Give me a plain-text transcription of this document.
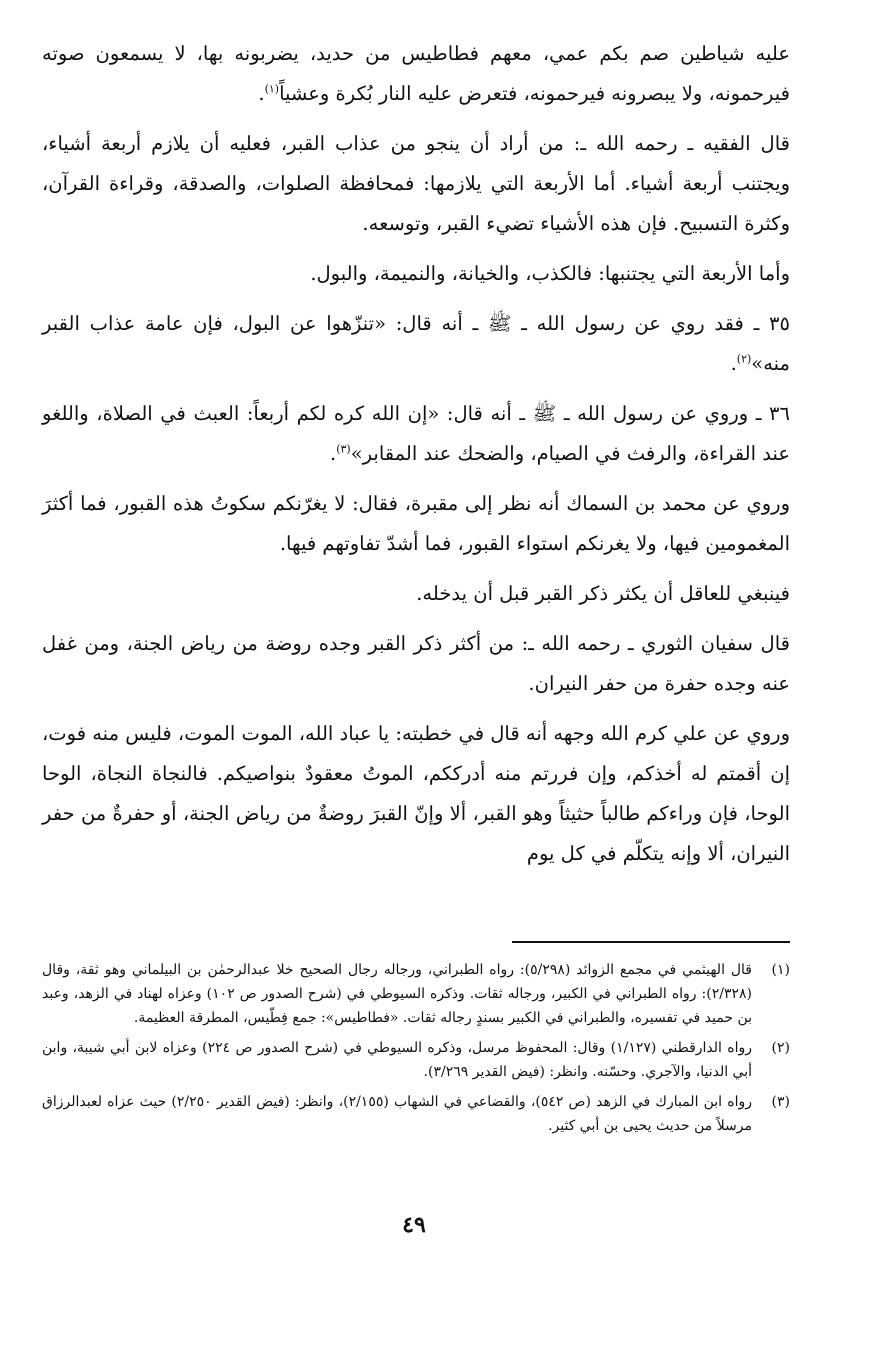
عليه شياطين صم بكم عمي، معهم فطاطيس من حديد، يضربونه بها، لا يسمعون صوته فيرحمونه، ولا يبصرونه فيرحمونه، فتعرض عليه النار بُكرة وعشياً$^{(١)}$.

قال الفقيه ـ رحمه الله ـ: من أراد أن ينجو من عذاب القبر، فعليه أن يلازم أربعة أشياء، ويجتنب أربعة أشياء. أما الأربعة التي يلازمها: فمحافظة الصلوات، والصدقة، وقراءة القرآن، وكثرة التسبيح. فإن هذه الأشياء تضيء القبر، وتوسعه.

وأما الأربعة التي يجتنبها: فالكذب، والخيانة، والنميمة، والبول.

٣٥ ـ فقد روي عن رسول الله ـ ﷺ ـ أنه قال: «تنزّهوا عن البول، فإن عامة عذاب القبر منه»$^{(٢)}$.

٣٦ ـ وروي عن رسول الله ـ ﷺ ـ أنه قال: «إن الله كره لكم أربعاً: العبث في الصلاة، واللغو عند القراءة، والرفث في الصيام، والضحك عند المقابر»$^{(٣)}$.

وروي عن محمد بن السماك أنه نظر إلى مقبرة، فقال: لا يغرّنكم سكوتُ هذه القبور، فما أكثرَ المغمومين فيها، ولا يغرنكم استواء القبور، فما أشدّ تفاوتهم فيها.

فينبغي للعاقل أن يكثر ذكر القبر قبل أن يدخله.

قال سفيان الثوري ـ رحمه الله ـ: من أكثر ذكر القبر وجده روضة من رياض الجنة، ومن غفل عنه وجده حفرة من حفر النيران.

وروي عن علي كرم الله وجهه أنه قال في خطبته: يا عباد الله، الموت الموت، فليس منه فوت، إن أقمتم له أخذكم، وإن فررتم منه أدرككم، الموتُ معقودٌ بنواصيكم. فالنجاة النجاة، الوحا الوحا، فإن وراءكم طالباً حثيثاً وهو القبر، ألا وإنّ القبرَ روضةٌ من رياض الجنة، أو حفرةٌ من حفر النيران، ألا وإنه يتكلّم في كل يوم

(١)
قال الهيثمي في مجمع الزوائد (٥/٢٩٨): رواه الطبراني، ورجاله رجال الصحيح خلا عبدالرحمٰن بن البيلماني وهو ثقة، وقال (٢/٣٢٨): رواه الطبراني في الكبير، ورجاله ثقات. وذكره السيوطي في (شرح الصدور ص ١٠٢) وعزاه لهناد في الزهد، وعبد بن حميد في تفسيره، والطبراني في الكبير بسندٍ رجاله ثقات. «فطاطيس»: جمع فِطّيس، المطرقة العظيمة.
(٢)
رواه الدارقطني (١/١٢٧) وقال: المحفوظ مرسل، وذكره السيوطي في (شرح الصدور ص ٢٢٤) وعزاه لابن أبي شيبة، وابن أبي الدنيا، والآجري. وحسّنه. وانظر: (فيض القدير ٣/٢٦٩).
(٣)
رواه ابن المبارك في الزهد (ص ٥٤٢)، والقضاعي في الشهاب (٢/١٥٥)، وانظر: (فيض القدير ٢/٢٥٠) حيث عزاه لعبدالرزاق مرسلاً من حديث يحيى بن أبي كثير.
٤٩
